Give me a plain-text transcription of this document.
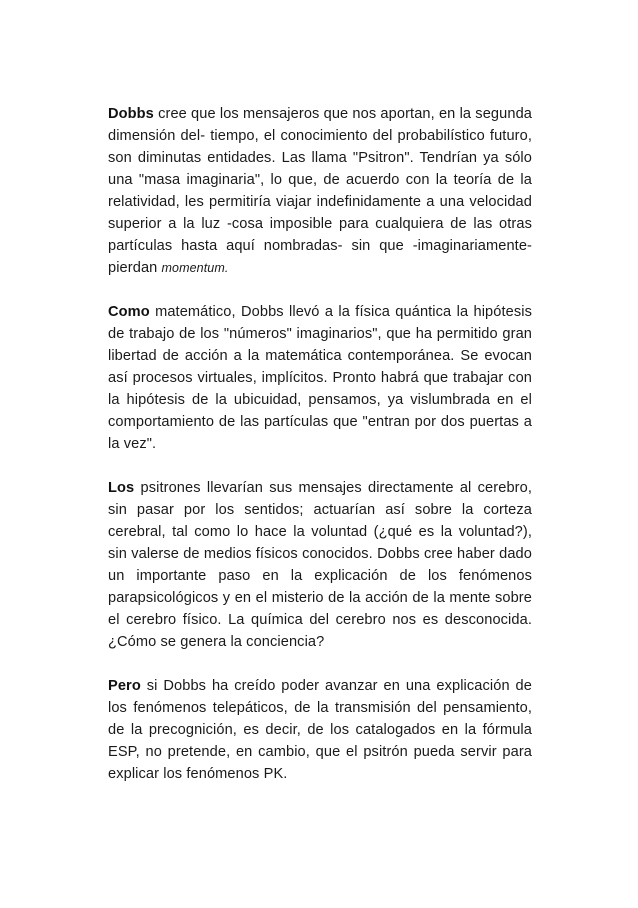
Dobbs cree que los mensajeros que nos aportan, en la segunda dimensión del- tiempo, el conocimiento del probabilístico futuro, son diminutas entidades. Las llama "Psitron". Tendrían ya sólo una "masa imaginaria", lo que, de acuerdo con la teoría de la relatividad, les permitiría viajar indefinidamente a una velocidad superior a la luz -cosa imposible para cualquiera de las otras partículas hasta aquí nombradas- sin que -imaginariamente- pierdan momentum.

Como matemático, Dobbs llevó a la física quántica la hipótesis de trabajo de los "números" imaginarios", que ha permitido gran libertad de acción a la matemática contemporánea. Se evocan así procesos virtuales, implícitos. Pronto habrá que trabajar con la hipótesis de la ubicuidad, pensamos, ya vislumbrada en el comportamiento de las partículas que "entran por dos puertas a la vez".

Los psitrones llevarían sus mensajes directamente al cerebro, sin pasar por los sentidos; actuarían así sobre la corteza cerebral, tal como lo hace la voluntad (¿qué es la voluntad?), sin valerse de medios físicos conocidos. Dobbs cree haber dado un importante paso en la explicación de los fenómenos parapsicológicos y en el misterio de la acción de la mente sobre el cerebro físico. La química del cerebro nos es desconocida. ¿Cómo se genera la conciencia?

Pero si Dobbs ha creído poder avanzar en una explicación de los fenómenos telepáticos, de la transmisión del pensamiento, de la precognición, es decir, de los catalogados en la fórmula ESP, no pretende, en cambio, que el psitrón pueda servir para explicar los fenómenos PK.
